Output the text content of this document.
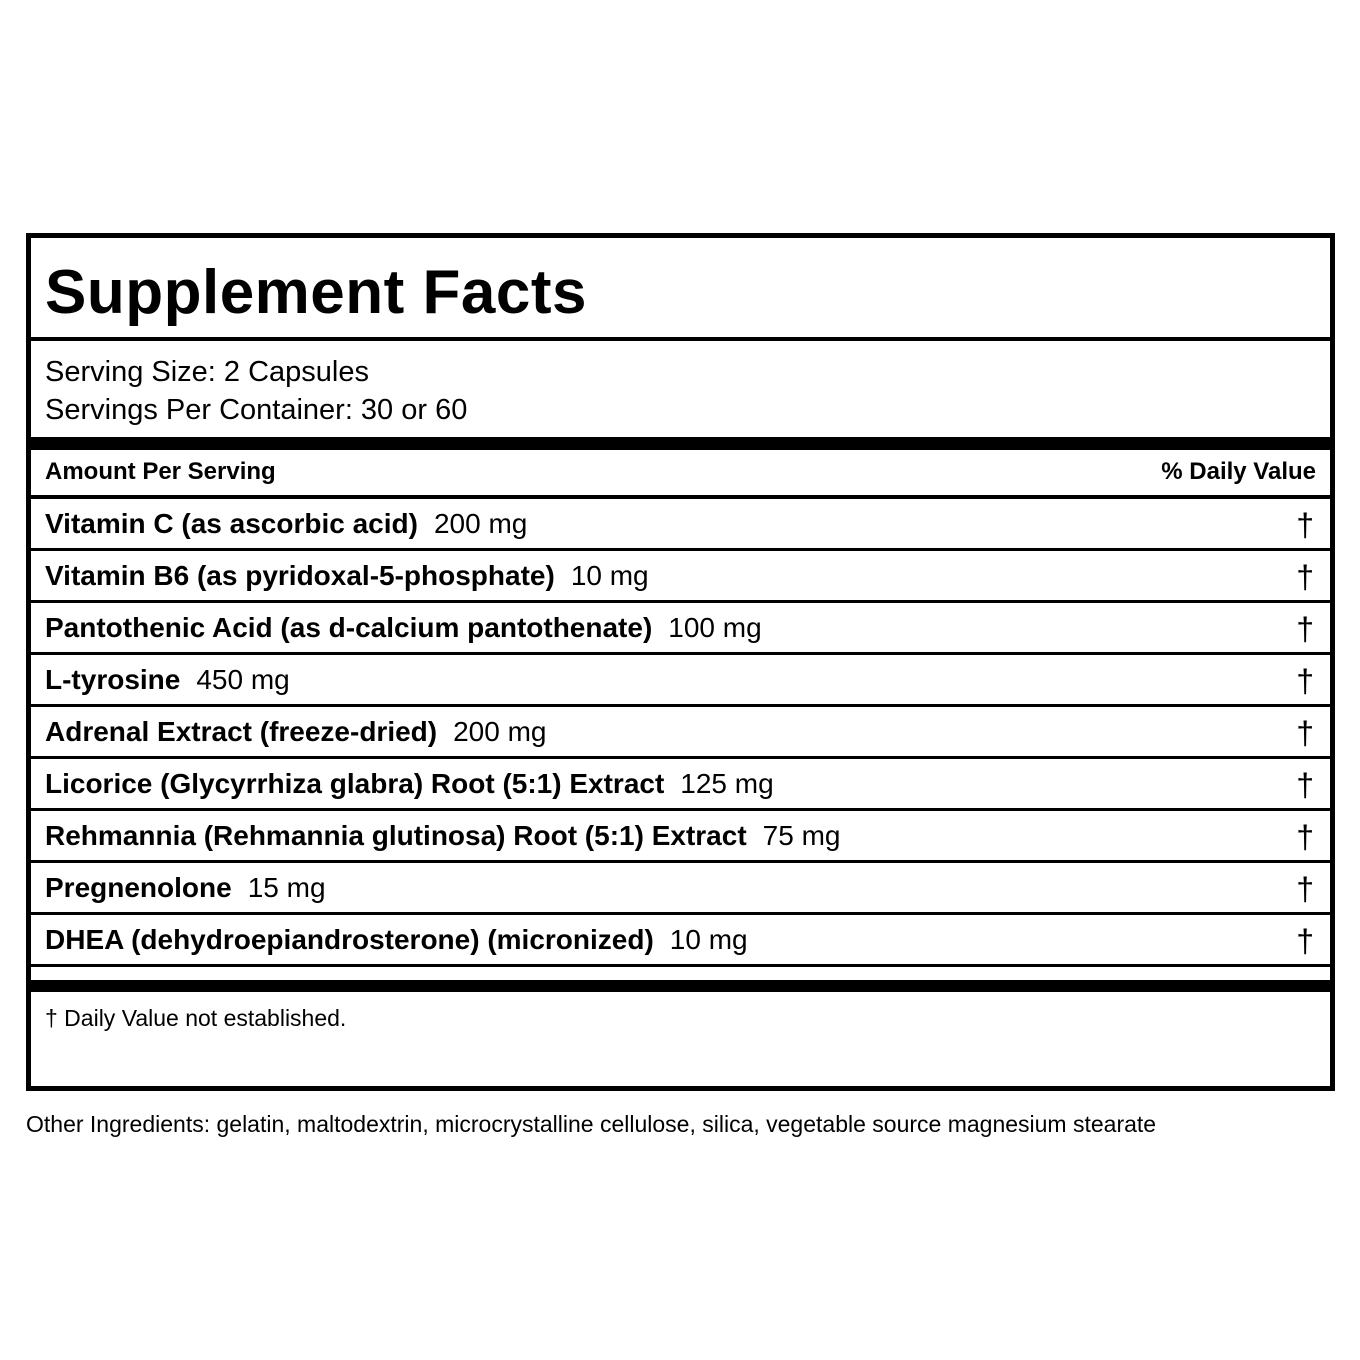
Supplement Facts
Serving Size: 2 Capsules
Servings Per Container: 30 or 60
Amount Per Serving	% Daily Value
Vitamin C (as ascorbic acid) 200 mg	†
Vitamin B6 (as pyridoxal-5-phosphate) 10 mg	†
Pantothenic Acid (as d-calcium pantothenate) 100 mg	†
L-tyrosine 450 mg	†
Adrenal Extract (freeze-dried) 200 mg	†
Licorice (Glycyrrhiza glabra) Root (5:1) Extract 125 mg	†
Rehmannia (Rehmannia glutinosa) Root (5:1) Extract 75 mg	†
Pregnenolone 15 mg	†
DHEA (dehydroepiandrosterone) (micronized) 10 mg	†
† Daily Value not established.
Other Ingredients: gelatin, maltodextrin, microcrystalline cellulose, silica, vegetable source magnesium stearate
